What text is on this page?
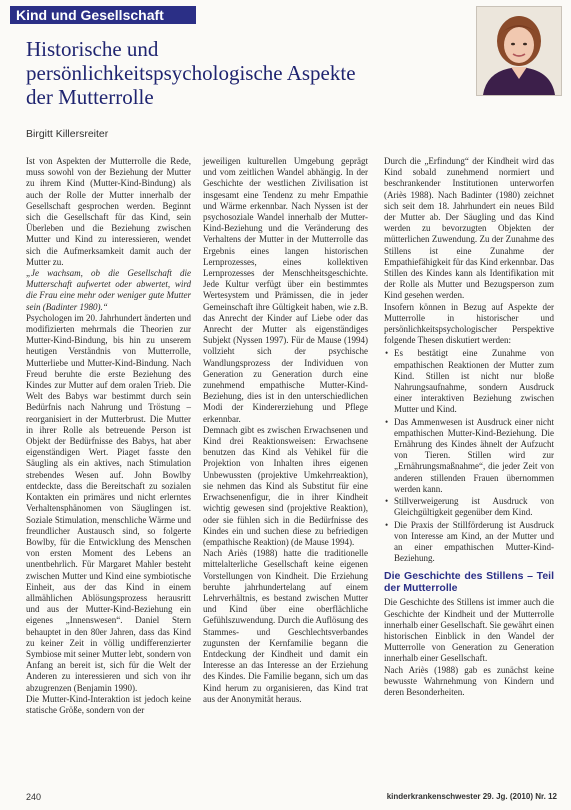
Kind und Gesellschaft
Historische und
persönlichkeitspsychologische Aspekte
der Mutterrolle
Birgitt Killersreiter

Ist von Aspekten der Mutterrolle die Rede, muss sowohl von der Beziehung der Mutter zu ihrem Kind (Mutter-Kind-Bindung) als auch der Rolle der Mutter innerhalb der Gesellschaft gesprochen werden. Beginnt sich die Gesellschaft für das Kind, sein Überleben und die Beziehung zwischen Mutter und Kind zu interessieren, wendet sich die Aufmerksamkeit damit auch der Mutter zu.

„Je wachsam, ob die Gesellschaft die Mutterschaft aufwertet oder abwertet, wird die Frau eine mehr oder weniger gute Mutter sein (Badinter 1980).“

Psychologen im 20. Jahrhundert änderten und modifizierten mehrmals die Theorien zur Mutter-Kind-Bindung, bis hin zu unserem heutigen Verständnis von Mutterrolle, Mutterliebe und Mutter-Kind-Bindung. Nach Freud beruhte die erste Beziehung des Kindes zur Mutter auf dem oralen Trieb. Die Welt des Babys war bestimmt durch sein Bedürfnis nach Nahrung und Tröstung – reorganisiert in der Mutterbrust. Die Mutter in ihrer Rolle als betreuende Person ist Objekt der Bedürfnisse des Babys, hat aber eigenständigen Wert. Piaget fasste den Säugling als ein aktives, nach Stimulation strebendes Wesen auf. John Bowlby entdeckte, dass die Bereitschaft zu sozialen Kontakten ein primäres und nicht erlerntes Verhaltensphänomen von Säuglingen ist. Soziale Stimulation, menschliche Wärme und freundlicher Austausch sind, so folgerte Bowlby, für die Entwicklung des Menschen von ersten Moment des Lebens an unentbehrlich. Für Margaret Mahler besteht zwischen Mutter und Kind eine symbiotische Einheit, aus der das Kind in einem allmählichen Ablösungsprozess herausritt und aus der Mutter-Kind-Beziehung ein eigenes „Innenswesen“. Daniel Stern behauptet in den 80er Jahren, dass das Kind zu keiner Zeit in völlig undifferenzierter Symbiose mit seiner Mutter lebt, sondern von Anfang an bereit ist, sich für die Welt der Anderen zu interessieren und sich von ihr abzugrenzen (Benjamin 1990).

Die Mutter-Kind-Interaktion ist jedoch keine statische Größe, sondern von der

jeweiligen kulturellen Umgebung geprägt und vom zeitlichen Wandel abhängig. In der Geschichte der westlichen Zivilisation ist insgesamt eine Tendenz zu mehr Empathie und Wärme erkennbar. Nach Nyssen ist der psychosoziale Wandel innerhalb der Mutter-Kind-Beziehung und die Veränderung des Verhaltens der Mutter in der Mutterrolle das Ergebnis eines langen historischen Lernprozesses, eines kollektiven Lernprozesses der Menschheitsgeschichte. Jede Kultur verfügt über ein bestimmtes Wertesystem und Prämissen, die in jeder Gemeinschaft ihre Gültigkeit haben, wie z.B. das Anrecht der Kinder auf Liebe oder das Anrecht der Mutter als eigenständiges Subjekt (Nyssen 1997). Für de Mause (1994) vollzieht sich der psychische Wandlungsprozess der Individuen von Generation zu Generation durch eine zunehmend empathische Mutter-Kind-Beziehung, dies ist in den unterschiedlichen Modi der Kindererziehung und Pflege erkennbar.

Demnach gibt es zwischen Erwachsenen und Kind drei Reaktionsweisen: Erwachsene benutzen das Kind als Vehikel für die Projektion von Inhalten ihres eigenen Unbewussten (projektive Umkehrreaktion), sie nehmen das Kind als Substitut für eine Erwachsenenfigur, die in ihrer Kindheit wichtig gewesen sind (projektive Reaktion), oder sie fühlen sich in die Bedürfnisse des Kindes ein und suchen diese zu befriedigen (empathische Reaktion) (de Mause 1994).

Nach Ariès (1988) hatte die traditionelle mittelalterliche Gesellschaft keine eigenen Vorstellungen von Kindheit. Die Erziehung beruhte jahrhundertelang auf einem Lehrverhältnis, es bestand zwischen Mutter und Kind über eine oberflächliche Gefühlszuwendung. Durch die Auflösung des Stammes- und Geschlechtsverbandes zugunsten der Kernfamilie begann die Entdeckung der Kindheit und damit ein Interesse an das Interesse an der Erziehung des Kindes. Die Familie begann, sich um das Kind herum zu organisieren, das Kind trat aus der Anonymität heraus.

Durch die „Erfindung“ der Kindheit wird das Kind sobald zunehmend normiert und beschrankender Institutionen unterworfen (Ariès 1988). Nach Badinter (1980) zeichnet sich seit dem 18. Jahrhundert ein neues Bild der Mutter ab. Der Säugling und das Kind werden zu bevorzugten Objekten der mütterlichen Zuwendung. Zu der Zunahme des Stillens ist eine Zunahme der Empathiefähigkeit für das Kind erkennbar. Das Stillen des Kindes kann als Identifikation mit der Rolle als Mutter und Bezugsperson zum Kind gesehen werden.

Insofern können in Bezug auf Aspekte der Mutterrolle in historischer und persönlichkeitspsychologischer Perspektive folgende Thesen diskutiert werden:

• Es bestätigt eine Zunahme von empathischen Reaktionen der Mutter zum Kind. Stillen ist nicht nur bloße Nahrungsaufnahme, sondern Ausdruck einer interaktiven Beziehung zwischen Mutter und Kind.
• Das Ammenwesen ist Ausdruck einer nicht empathischen Mutter-Kind-Beziehung. Die Ernährung des Kindes ähnelt der Aufzucht von Tieren. Stillen wird zur „Ernährungsmaßnahme“, die jeder Zeit von anderen stillenden Frauen übernommen werden kann.
• Stillverweigerung ist Ausdruck von Gleichgültigkeit gegenüber dem Kind.
• Die Praxis der Stillförderung ist Ausdruck von Interesse am Kind, an der Mutter und an einer empathischen Mutter-Kind-Beziehung.
Die Geschichte des Stillens – Teil der Mutterrolle

Die Geschichte des Stillens ist immer auch die Geschichte der Kindheit und der Mutterrolle innerhalb einer Gesellschaft. Sie gewährt einen historischen Einblick in den Wandel der Mutterrolle von Generation zu Generation innerhalb einer Gesellschaft.

Nach Ariès (1988) gab es zunächst keine bewusste Wahrnehmung von Kindern und deren Besonderheiten.

240	kinderkrankenschwester 29. Jg. (2010) Nr. 12
